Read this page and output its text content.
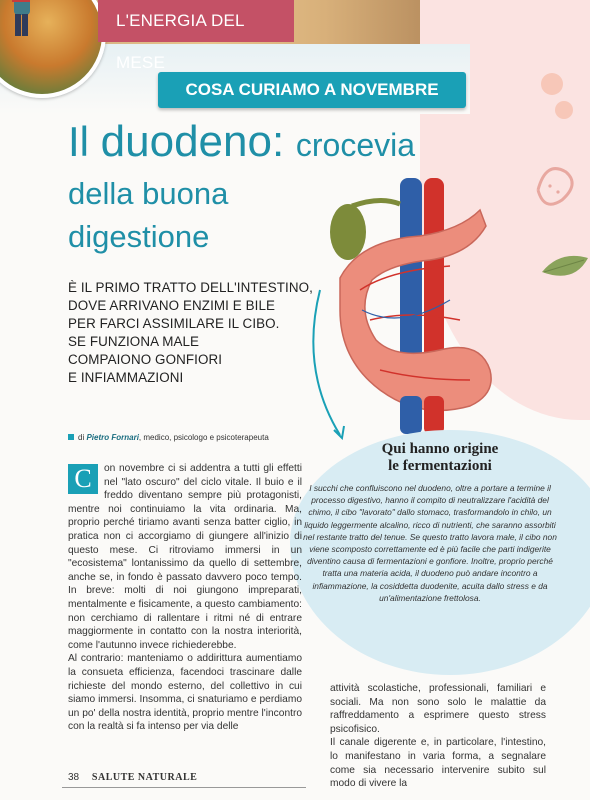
L'ENERGIA DEL MESE
COSA CURIAMO A NOVEMBRE
Il duodeno: crocevia
della buona
digestione
È IL PRIMO TRATTO DELL'INTESTINO,
DOVE ARRIVANO ENZIMI E BILE
PER FARCI ASSIMILARE IL CIBO.
SE FUNZIONA MALE
COMPAIONO GONFIORI
E INFIAMMAZIONI
di Pietro Fornari, medico, psicologo e psicoterapeuta
Qui hanno origine
le fermentazioni
I succhi che confluiscono nel duodeno, oltre a portare a termine il processo digestivo, hanno il compito di neutralizzare l'acidità del chimo, il cibo "lavorato" dallo stomaco, trasformandolo in chilo, un liquido leggermente alcalino, ricco di nutrienti, che saranno assorbiti nel restante tratto del tenue. Se questo tratto lavora male, il cibo non viene scomposto correttamente ed è più facile che parti indigerite diventino causa di fermentazioni e gonfiore. Inoltre, proprio perché tratta una materia acida, il duodeno può andare incontro a infiammazione, la cosiddetta duodenite, acuita dallo stress e da un'alimentazione frettolosa.
C	on novembre ci si addentra a tutti gli effetti nel "lato oscuro" del ciclo vitale. Il buio e il freddo diventano sempre più protagonisti, mentre noi continuiamo la vita ordinaria. Ma, proprio perché tiriamo avanti senza batter ciglio, in pratica non ci accorgiamo di giungere all'inizio di questo mese. Ci ritroviamo immersi in un "ecosistema" lontanissimo da quello di settembre, anche se, in fondo è passato davvero poco tempo. In breve: molti di noi giungono impreparati, mentalmente e fisicamente, a questo cambiamento: non cerchiamo di rallentare i ritmi né di entrare maggiormente in contatto con la nostra interiorità, come l'autunno invece richiederebbe.

Al contrario: manteniamo o addirittura aumentiamo la consueta efficienza, facendoci trascinare dalle richieste del mondo esterno, del collettivo in cui siamo immersi. Insomma, ci snaturiamo e perdiamo un po' della nostra identità, proprio mentre l'incontro con la realtà si fa intenso per via delle

attività scolastiche, professionali, familiari e sociali. Ma non sono solo le malattie da raffreddamento a esprimere questo stress psicofisico.

Il canale digerente e, in particolare, l'intestino, lo manifestano in varia forma, a segnalare come sia necessario intervenire subito sul modo di vivere la

38 SALUTE NATURALE
